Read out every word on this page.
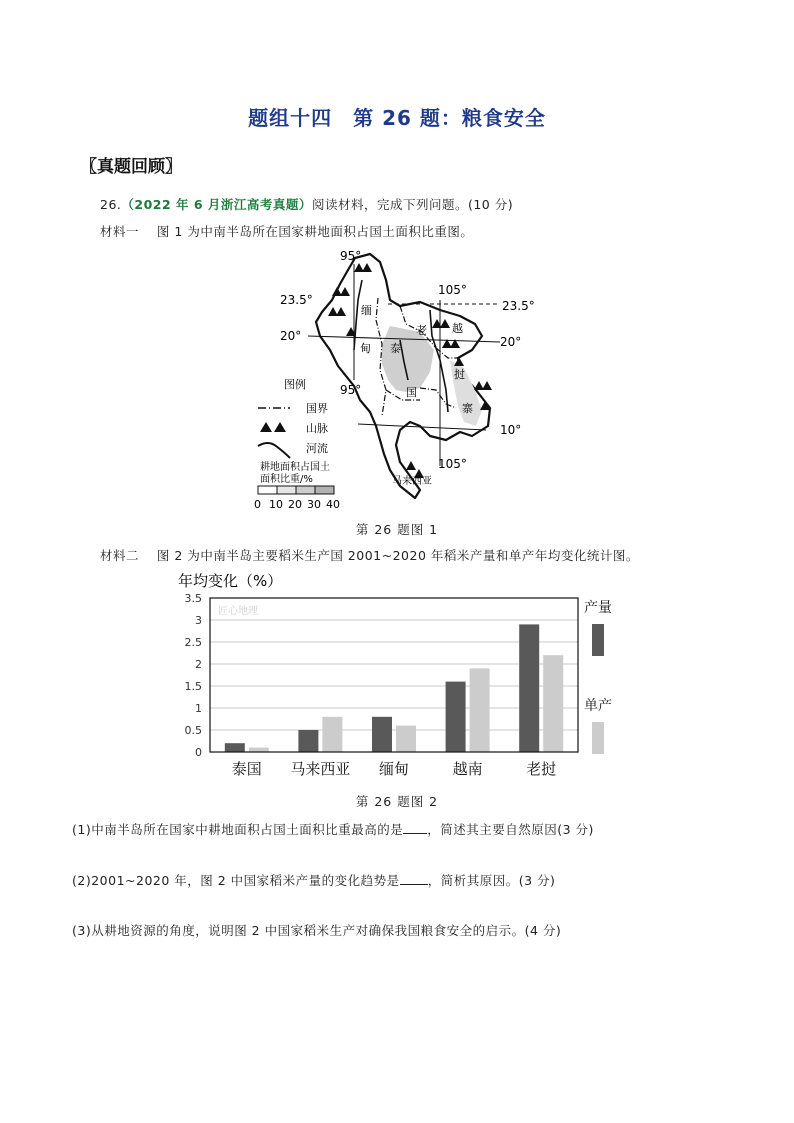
题组十四　第 26 题：粮食安全
〖真题回顾〗
26.（2022 年 6 月浙江高考真题）阅读材料，完成下列问题。(10 分)
材料一 图 1 为中南半岛所在国家耕地面积占国土面积比重图。
95°
95°
105°
105°
23.5°	23.5°
20°	20°
10°
缅
甸
老 越
泰
国
挝
寨
马来西亚
图例
国界
山脉
河流
耕地面积占国土
面积比重/%
0 10 20 30 40
第 26 题图 1
材料二 图 2 为中南半岛主要稻米生产国 2001~2020 年稻米产量和单产年均变化统计图。
年均变化（%）
匠心地理
0
0.5
1
1.5
2
2.5
3
3.5
泰国 马来西亚 缅甸	越南	老挝
产量
单产
第 26 题图 2
(1)中南半岛所在国家中耕地面积占国土面积比重最高的是 ，简述其主要自然原因(3 分)
(2)2001~2020 年，图 2 中国家稻米产量的变化趋势是 ，简析其原因。(3 分)
(3)从耕地资源的角度，说明图 2 中国家稻米生产对确保我国粮食安全的启示。(4 分)
